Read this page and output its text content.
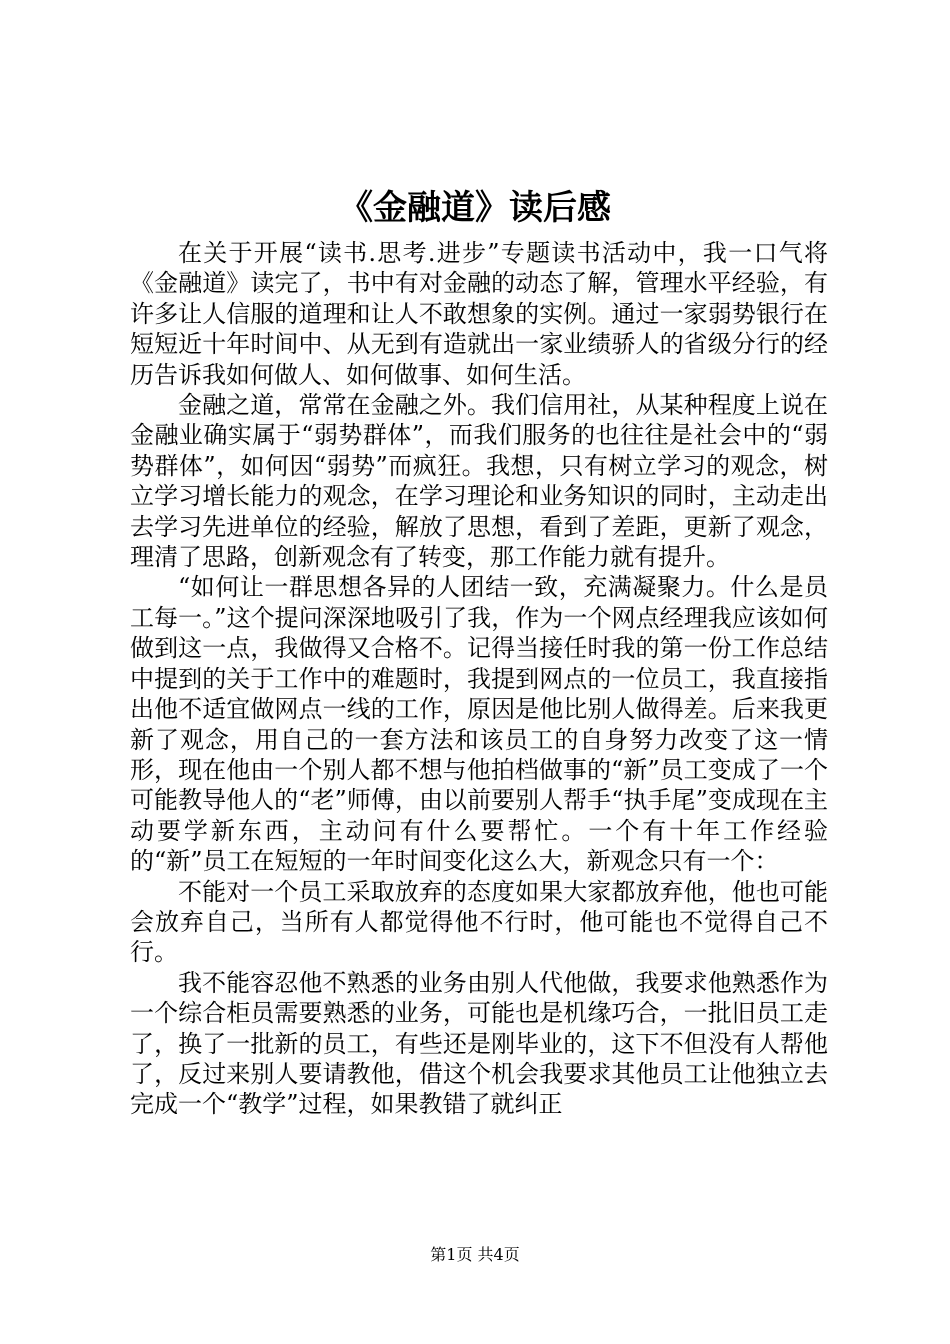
《金融道》读后感

在关于开展“读书.思考.进步”专题读书活动中，我一口气将《金融道》读完了，书中有对金融的动态了解，管理水平经验，有许多让人信服的道理和让人不敢想象的实例。通过一家弱势银行在短短近十年时间中、从无到有造就出一家业绩骄人的省级分行的经历告诉我如何做人、如何做事、如何生活。

金融之道，常常在金融之外。我们信用社，从某种程度上说在金融业确实属于“弱势群体”，而我们服务的也往往是社会中的“弱势群体”，如何因“弱势”而疯狂。我想，只有树立学习的观念，树立学习增长能力的观念，在学习理论和业务知识的同时，主动走出去学习先进单位的经验，解放了思想，看到了差距，更新了观念，理清了思路，创新观念有了转变，那工作能力就有提升。

“如何让一群思想各异的人团结一致，充满凝聚力。什么是员工每一。”这个提问深深地吸引了我，作为一个网点经理我应该如何做到这一点，我做得又合格不。记得当接任时我的第一份工作总结中提到的关于工作中的难题时，我提到网点的一位员工，我直接指出他不适宜做网点一线的工作，原因是他比别人做得差。后来我更新了观念，用自己的一套方法和该员工的自身努力改变了这一情形，现在他由一个别人都不想与他拍档做事的“新”员工变成了一个可能教导他人的“老”师傅，由以前要别人帮手“执手尾”变成现在主动要学新东西，主动问有什么要帮忙。一个有十年工作经验的“新”员工在短短的一年时间变化这么大，新观念只有一个：

不能对一个员工采取放弃的态度如果大家都放弃他，他也可能会放弃自己，当所有人都觉得他不行时，他可能也不觉得自己不行。

我不能容忍他不熟悉的业务由别人代他做，我要求他熟悉作为一个综合柜员需要熟悉的业务，可能也是机缘巧合，一批旧员工走了，换了一批新的员工，有些还是刚毕业的，这下不但没有人帮他了，反过来别人要请教他，借这个机会我要求其他员工让他独立去完成一个“教学”过程，如果教错了就纠正

第1页 共4页
